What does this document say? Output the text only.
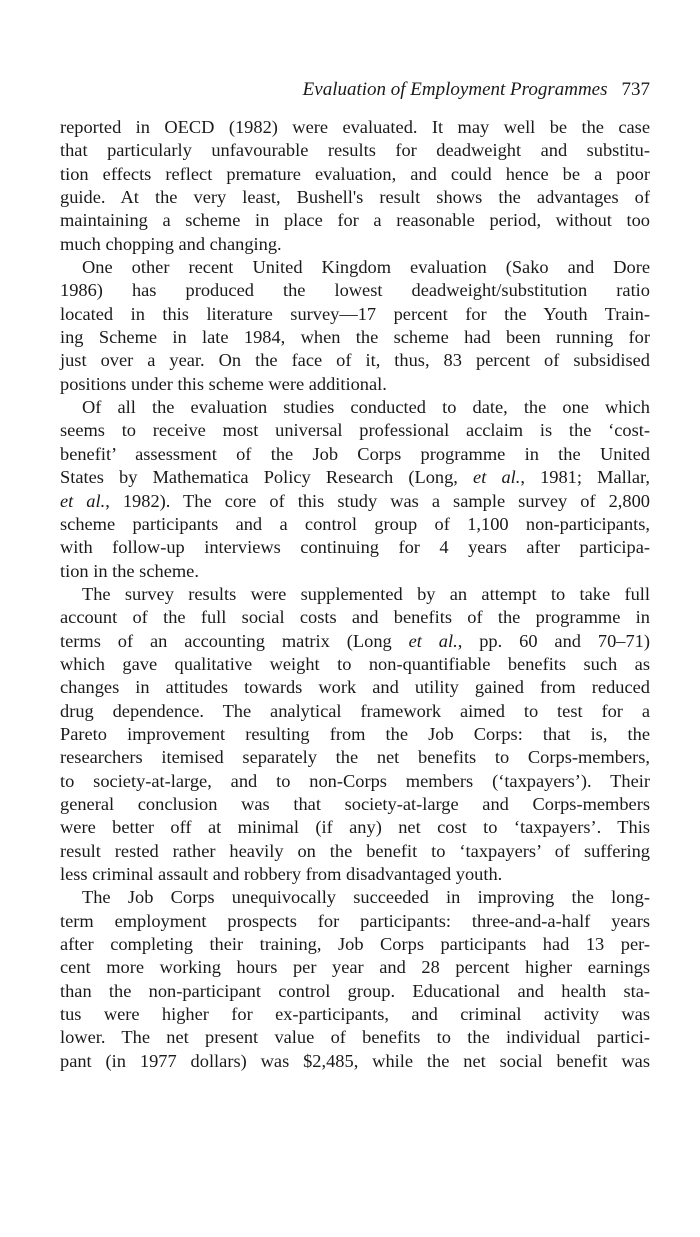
Evaluation of Employment Programmes 737
reported in OECD (1982) were evaluated. It may well be the case
that particularly unfavourable results for deadweight and substitu-
tion effects reflect premature evaluation, and could hence be a poor
guide. At the very least, Bushell's result shows the advantages of
maintaining a scheme in place for a reasonable period, without too
much chopping and changing.
One other recent United Kingdom evaluation (Sako and Dore
1986) has produced the lowest deadweight/substitution ratio
located in this literature survey—17 percent for the Youth Train-
ing Scheme in late 1984, when the scheme had been running for
just over a year. On the face of it, thus, 83 percent of subsidised
positions under this scheme were additional.
Of all the evaluation studies conducted to date, the one which
seems to receive most universal professional acclaim is the ‘cost-
benefit’ assessment of the Job Corps programme in the United
States by Mathematica Policy Research (Long, et al., 1981; Mallar,
et al., 1982). The core of this study was a sample survey of 2,800
scheme participants and a control group of 1,100 non-participants,
with follow-up interviews continuing for 4 years after participa-
tion in the scheme.
The survey results were supplemented by an attempt to take full
account of the full social costs and benefits of the programme in
terms of an accounting matrix (Long et al., pp. 60 and 70–71)
which gave qualitative weight to non-quantifiable benefits such as
changes in attitudes towards work and utility gained from reduced
drug dependence. The analytical framework aimed to test for a
Pareto improvement resulting from the Job Corps: that is, the
researchers itemised separately the net benefits to Corps-members,
to society-at-large, and to non-Corps members (‘taxpayers’). Their
general conclusion was that society-at-large and Corps-members
were better off at minimal (if any) net cost to ‘taxpayers’. This
result rested rather heavily on the benefit to ‘taxpayers’ of suffering
less criminal assault and robbery from disadvantaged youth.
The Job Corps unequivocally succeeded in improving the long-
term employment prospects for participants: three-and-a-half years
after completing their training, Job Corps participants had 13 per-
cent more working hours per year and 28 percent higher earnings
than the non-participant control group. Educational and health sta-
tus were higher for ex-participants, and criminal activity was
lower. The net present value of benefits to the individual partici-
pant (in 1977 dollars) was $2,485, while the net social benefit was
